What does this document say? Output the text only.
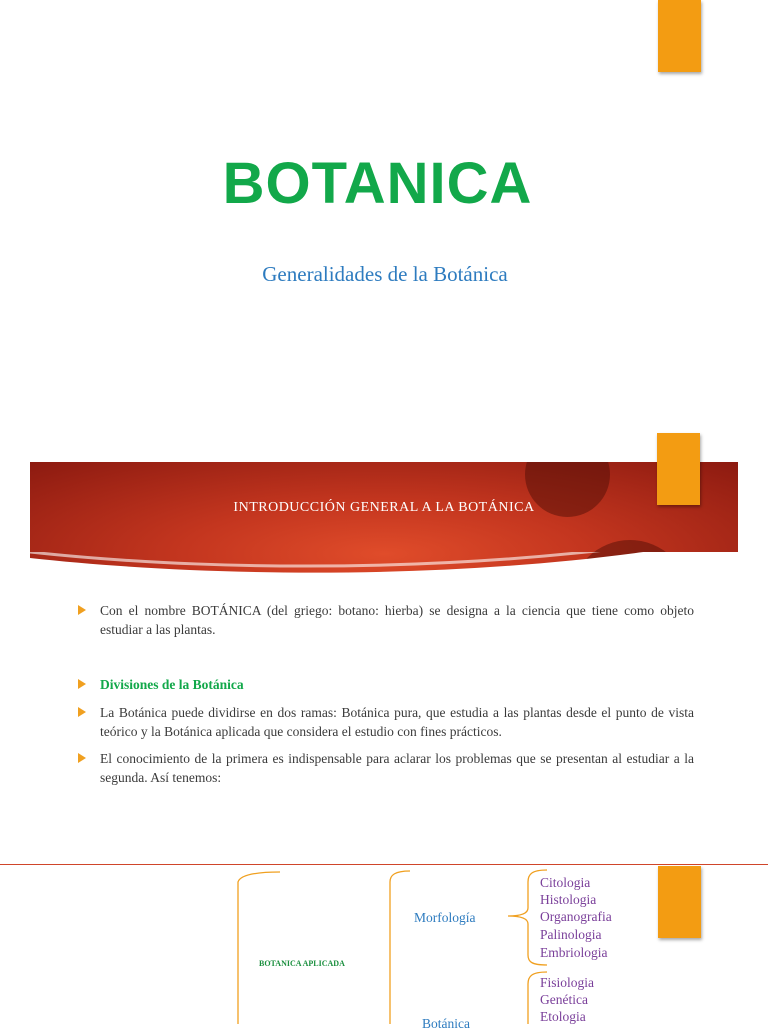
BOTANICA

Generalidades de la Botánica

INTRODUCCIÓN GENERAL A LA BOTÁNICA

Con el nombre BOTÁNICA (del griego: botano: hierba) se designa a la ciencia que tiene como objeto estudiar a las plantas.
Divisiones de la Botánica
La Botánica puede dividirse en dos ramas: Botánica pura, que estudia a las plantas desde el punto de vista teórico y la Botánica aplicada que considera el estudio con fines prácticos.
El conocimiento de la primera es indispensable para aclarar los problemas que se presentan al estudiar a la segunda. Así tenemos:
BOTANICA APLICADA
Morfología
Botánica
Citologia
Histologia
Organografia
Palinologia
Embriologia
Fisiologia
Genética
Etologia
